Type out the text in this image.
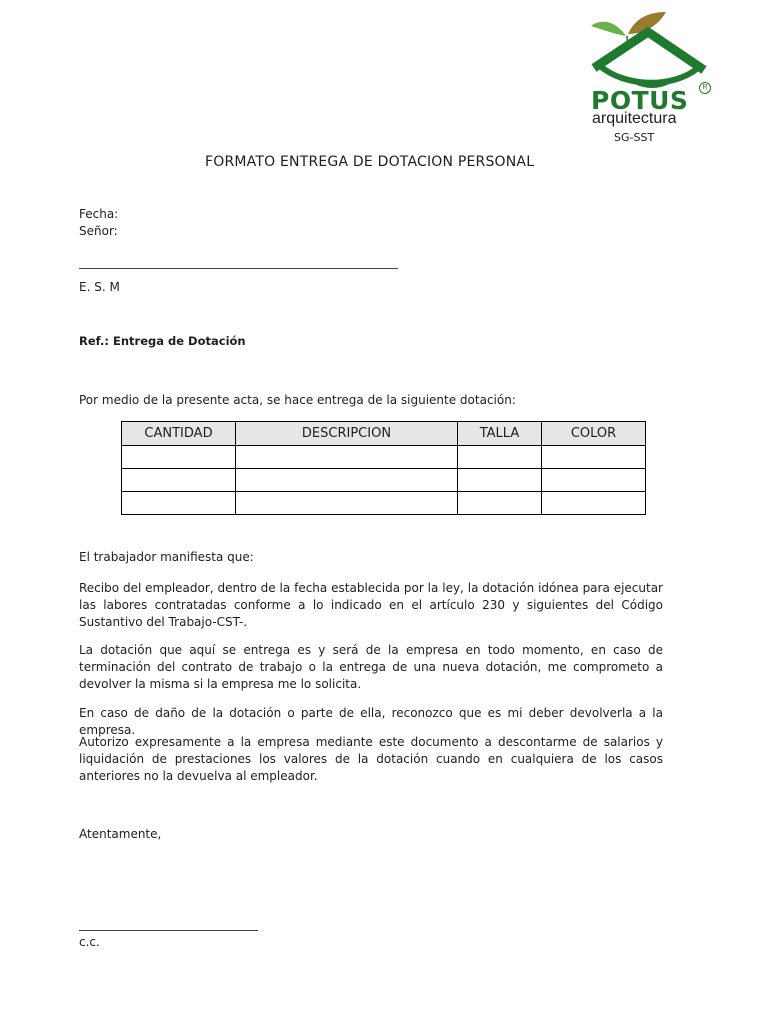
R
POTUS
arquitectura
SG-SST
FORMATO ENTREGA DE DOTACION PERSONAL
Fecha:
Señor:
E. S. M
Ref.: Entrega de Dotación
Por medio de la presente acta, se hace entrega de la siguiente dotación:
CANTIDAD	DESCRIPCION	TALLA	COLOR

El trabajador manifiesta que:
Recibo del empleador, dentro de la fecha establecida por la ley, la dotación idónea para ejecutar las labores contratadas conforme a lo indicado en el artículo 230 y siguientes del Código Sustantivo del Trabajo-CST-.
La dotación que aquí se entrega es y será de la empresa en todo momento, en caso de terminación del contrato de trabajo o la entrega de una nueva dotación, me comprometo a devolver la misma si la empresa me lo solicita.
En caso de daño de la dotación o parte de ella, reconozco que es mi deber devolverla a la empresa.
Autorizo expresamente a la empresa mediante este documento a descontarme de salarios y liquidación de prestaciones los valores de la dotación cuando en cualquiera de los casos anteriores no la devuelva al empleador.
Atentamente,
c.c.
